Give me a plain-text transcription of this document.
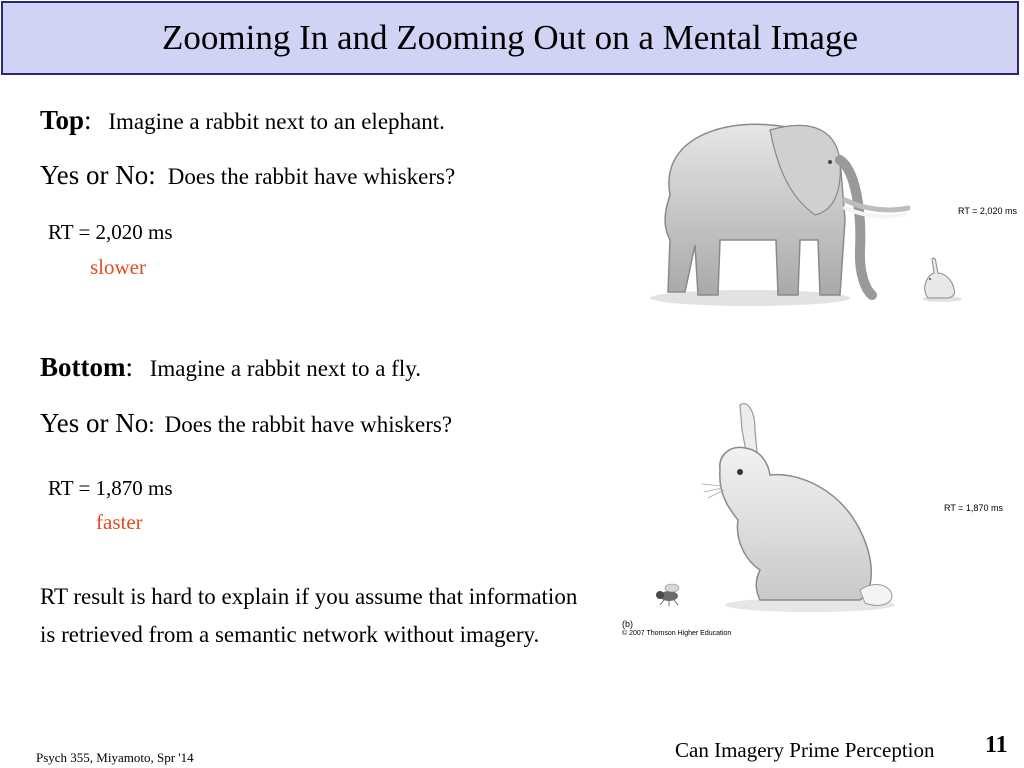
Zooming In and Zooming Out on a Mental Image
Top: Imagine a rabbit next to an elephant.
Yes or No: Does the rabbit have whiskers?
RT = 2,020 ms
slower
Bottom: Imagine a rabbit next to a fly.
Yes or No: Does the rabbit have whiskers?
RT = 1,870 ms
faster
RT result is hard to explain if you assume that information is retrieved from a semantic network without imagery.
RT = 2,020 ms
RT = 1,870 ms
(b)
© 2007 Thomson Higher Education
Psych 355, Miyamoto, Spr '14	Can Imagery Prime Perception 11
